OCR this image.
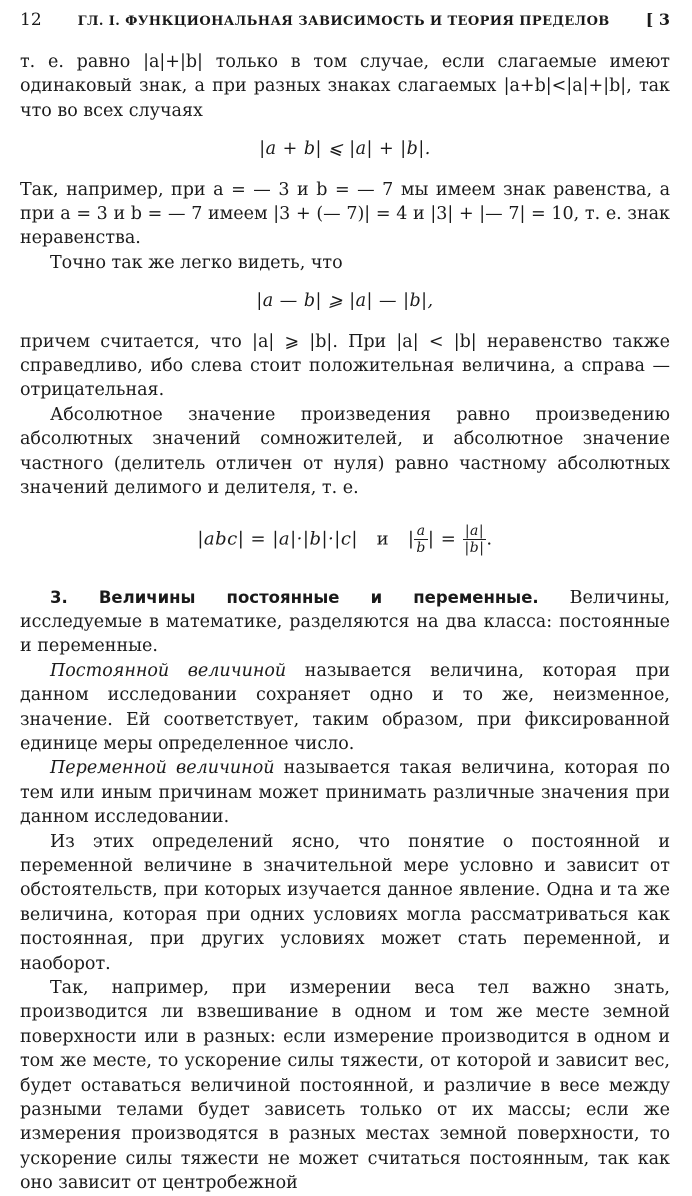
12	ГЛ. I. ФУНКЦИОНАЛЬНАЯ ЗАВИСИМОСТЬ И ТЕОРИЯ ПРЕДЕЛОВ [ 3

т. е. равно |a|+|b| только в том случае, если слагаемые имеют одинаковый знак, а при разных знаках слагаемых |a+b|<|a|+|b|, так что во всех случаях

|a + b| ⩽ |a| + |b|.

Так, например, при a = — 3 и b = — 7 мы имеем знак равенства, а при a = 3 и b = — 7 имеем |3 + (— 7)| = 4 и |3| + |— 7| = 10, т. е. знак неравенства.

Точно так же легко видеть, что

|a — b| ⩾ |a| — |b|,

причем считается, что |a| ⩾ |b|. При |a| < |b| неравенство также справедливо, ибо слева стоит положительная величина, а справа — отрицательная.

Абсолютное значение произведения равно произведению абсолютных значений сомножителей, и абсолютное значение частного (делитель отличен от нуля) равно частному абсолютных значений делимого и делителя, т. е.

|abc| = |a|·|b|·|c| и | $\frac{a}{b}$ | = $\frac{|a|}{|b|}$ .

3. Величины постоянные и переменные. Величины, исследуемые в математике, разделяются на два класса: постоянные и переменные.

Постоянной величиной называется величина, которая при данном исследовании сохраняет одно и то же, неизменное, значение. Ей соответствует, таким образом, при фиксированной единице меры определенное число.

Переменной величиной называется такая величина, которая по тем или иным причинам может принимать различные значения при данном исследовании.

Из этих определений ясно, что понятие о постоянной и переменной величине в значительной мере условно и зависит от обстоятельств, при которых изучается данное явление. Одна и та же величина, которая при одних условиях могла рассматриваться как постоянная, при других условиях может стать переменной, и наоборот.

Так, например, при измерении веса тел важно знать, производится ли взвешивание в одном и том же месте земной поверхности или в разных: если измерение производится в одном и том же месте, то ускорение силы тяжести, от которой и зависит вес, будет оставаться величиной постоянной, и различие в весе между разными телами будет зависеть только от их массы; если же измерения производятся в разных местах земной поверхности, то ускорение силы тяжести не может считаться постоянным, так как оно зависит от центробежной
